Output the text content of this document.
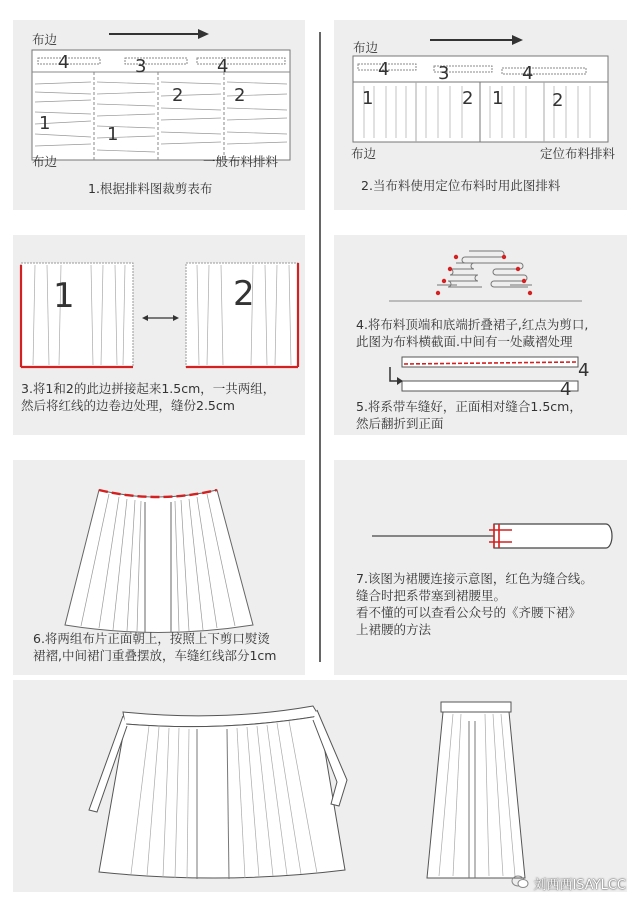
4	3	4
1
1
2	2
布边
布边	一般布料排料
1.根据排料图裁剪表布
4	3	4
1	2 1	2
布边
布边	定位布料排料
2.当布料使用定位布料时用此图排料
1	2
3.将1和2的此边拼接起来1.5cm，一共两组，
然后将红线的边卷边处理，缝份2.5cm
4
4
4.将布料顶端和底端折叠裙子,红点为剪口,
此图为布料横截面.中间有一处藏褶处理
5.将系带车缝好，正面相对缝合1.5cm，
然后翻折到正面
6.将两组布片正面朝上，按照上下剪口熨烫
裙褶,中间裙门重叠摆放，车缝红线部分1cm
7.该图为裙腰连接示意图，红色为缝合线。
缝合时把系带塞到裙腰里。
看不懂的可以查看公众号的《齐腰下裙》
上裙腰的方法
刘西西ISAYLCC
